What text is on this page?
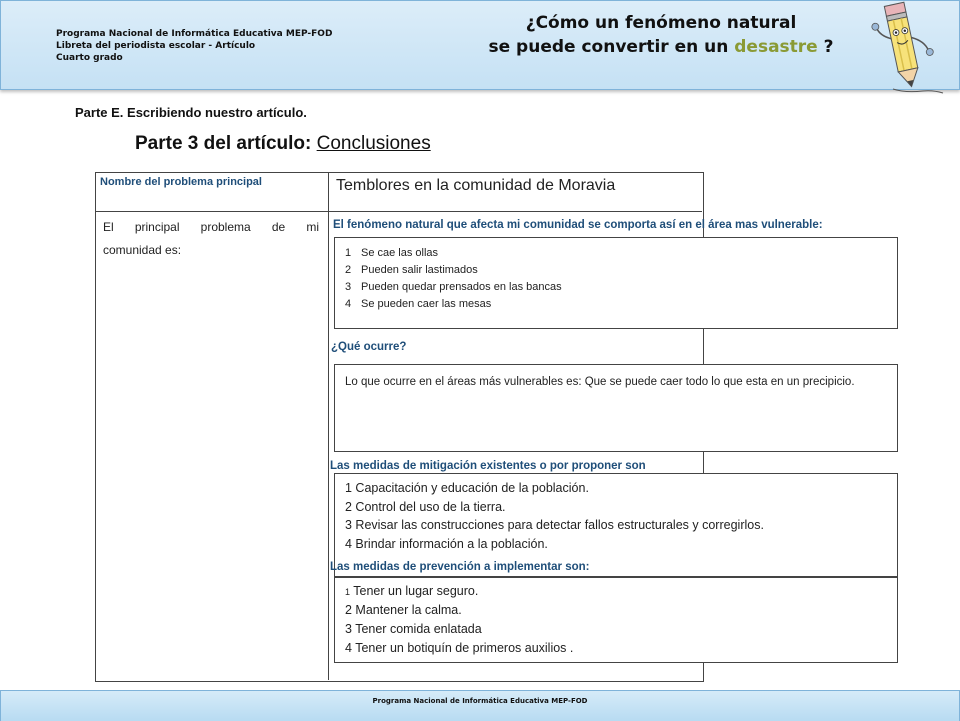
Programa Nacional de Informática Educativa MEP-FOD
Libreta del periodista escolar - Artículo
Cuarto grado
¿Cómo un fenómeno natural
se puede convertir en un desastre ?
Parte E. Escribiendo nuestro artículo.
Parte 3 del artículo: Conclusiones
Nombre del problema principal	Temblores en la comunidad de Moravia
El principal problema de mi
comunidad es:
El fenómeno natural que afecta mi comunidad se comporta así en el área mas vulnerable:
1 Se cae las ollas
2 Pueden salir lastimados
3 Pueden quedar prensados en las bancas
4 Se pueden caer las mesas
¿Qué ocurre?
Lo que ocurre en el áreas más vulnerables es: Que se puede caer todo lo que esta en un precipicio.
Las medidas de mitigación existentes o por proponer son
1 Capacitación y educación de la población.
2 Control del uso de la tierra.
3 Revisar las construcciones para detectar fallos estructurales y corregirlos.
4 Brindar información a la población.
Las medidas de prevención a implementar son:
1 Tener un lugar seguro.
2 Mantener la calma.
3 Tener comida enlatada
4 Tener un botiquín de primeros auxilios .
Programa Nacional de Informática Educativa MEP-FOD
